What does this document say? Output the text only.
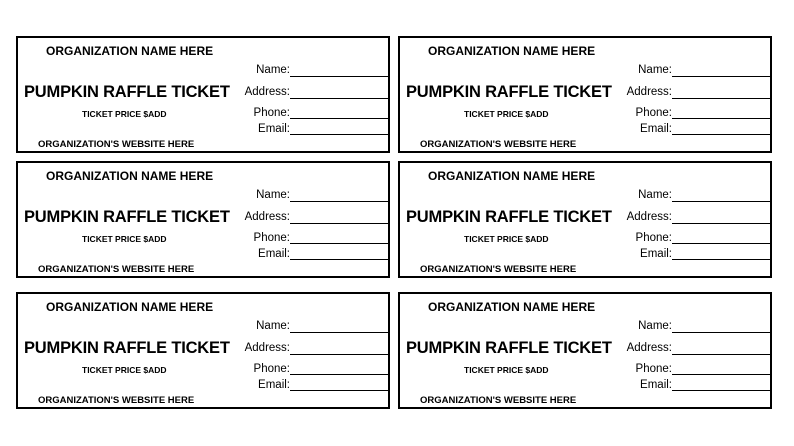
ORGANIZATION NAME HERE
PUMPKIN RAFFLE TICKET
TICKET PRICE $ADD
ORGANIZATION'S WEBSITE HERE
Name:
Address:
Phone:
Email:
ORGANIZATION NAME HERE
PUMPKIN RAFFLE TICKET
TICKET PRICE $ADD
ORGANIZATION'S WEBSITE HERE
Name:
Address:
Phone:
Email:
ORGANIZATION NAME HERE
PUMPKIN RAFFLE TICKET
TICKET PRICE $ADD
ORGANIZATION'S WEBSITE HERE
Name:
Address:
Phone:
Email:
ORGANIZATION NAME HERE
PUMPKIN RAFFLE TICKET
TICKET PRICE $ADD
ORGANIZATION'S WEBSITE HERE
Name:
Address:
Phone:
Email:
ORGANIZATION NAME HERE
PUMPKIN RAFFLE TICKET
TICKET PRICE $ADD
ORGANIZATION'S WEBSITE HERE
Name:
Address:
Phone:
Email:
ORGANIZATION NAME HERE
PUMPKIN RAFFLE TICKET
TICKET PRICE $ADD
ORGANIZATION'S WEBSITE HERE
Name:
Address:
Phone:
Email:
